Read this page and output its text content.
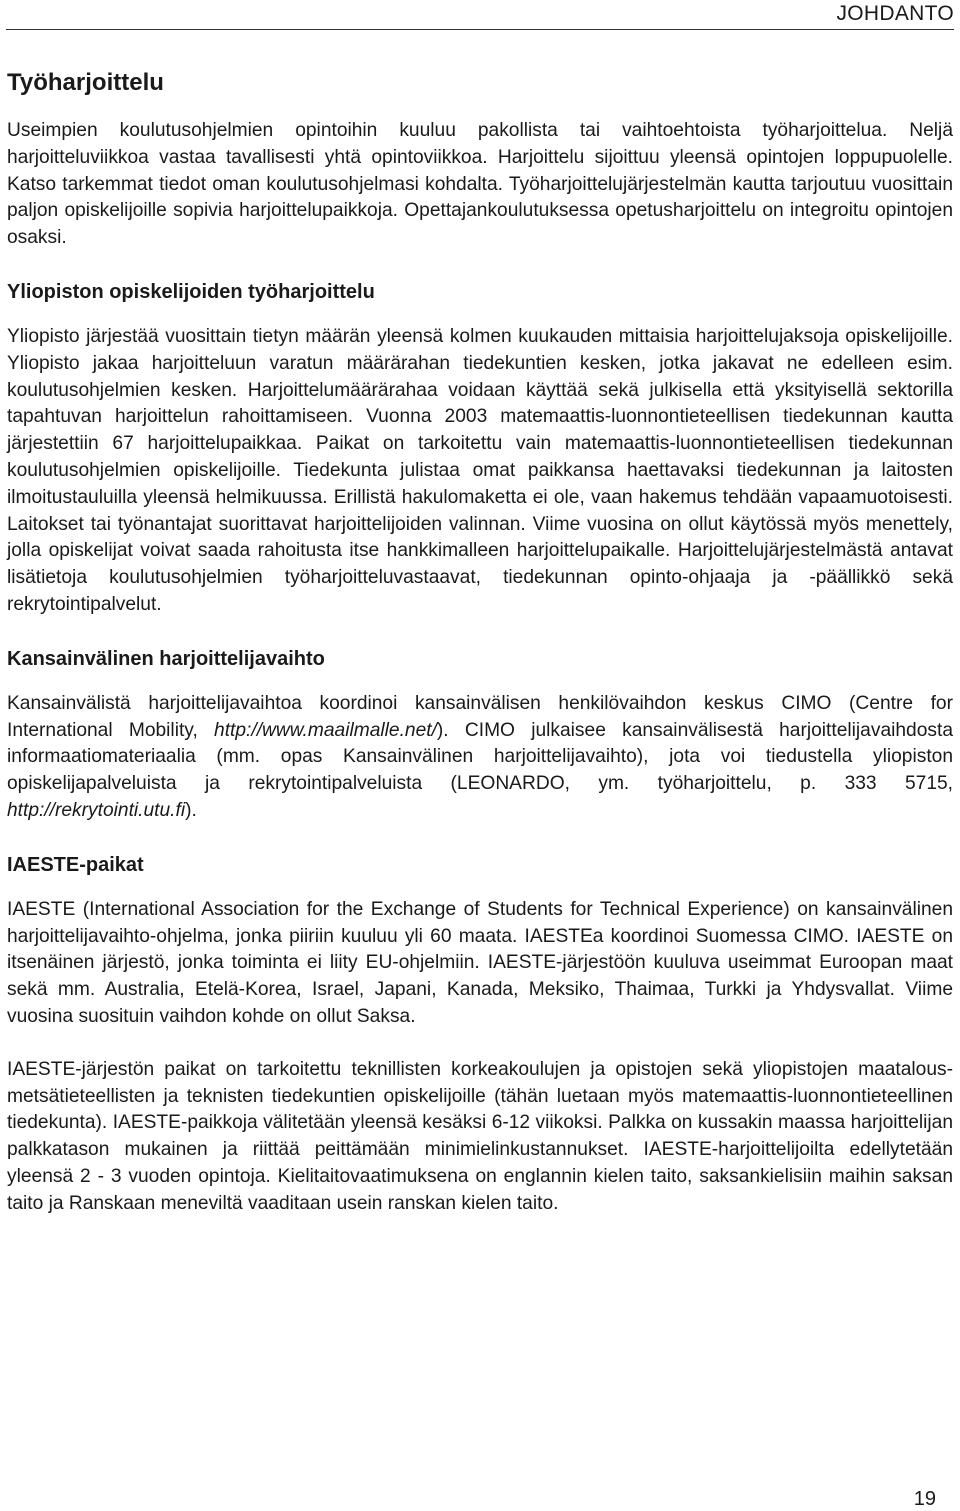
JOHDANTO
Työharjoittelu

Useimpien koulutusohjelmien opintoihin kuuluu pakollista tai vaihtoehtoista työharjoittelua. Neljä harjoitteluviikkoa vastaa tavallisesti yhtä opintoviikkoa. Harjoittelu sijoittuu yleensä opintojen loppupuolelle. Katso tarkemmat tiedot oman koulutusohjelmasi kohdalta. Työharjoittelujärjestelmän kautta tarjoutuu vuosittain paljon opiskelijoille sopivia harjoittelupaikkoja. Opettajankoulutuksessa opetusharjoittelu on integroitu opintojen osaksi.

Yliopiston opiskelijoiden työharjoittelu

Yliopisto järjestää vuosittain tietyn määrän yleensä kolmen kuukauden mittaisia harjoittelujaksoja opiskelijoille. Yliopisto jakaa harjoitteluun varatun määrärahan tiedekuntien kesken, jotka jakavat ne edelleen esim. koulutusohjelmien kesken. Harjoittelumäärärahaa voidaan käyttää sekä julkisella että yksityisellä sektorilla tapahtuvan harjoittelun rahoittamiseen. Vuonna 2003 matemaattis-luonnontieteellisen tiedekunnan kautta järjestettiin 67 harjoittelupaikkaa. Paikat on tarkoitettu vain matemaattis-luonnontieteellisen tiedekunnan koulutusohjelmien opiskelijoille. Tiedekunta julistaa omat paikkansa haettavaksi tiedekunnan ja laitosten ilmoitustauluilla yleensä helmikuussa. Erillistä hakulomaketta ei ole, vaan hakemus tehdään vapaamuotoisesti. Laitokset tai työnantajat suorittavat harjoittelijoiden valinnan. Viime vuosina on ollut käytössä myös menettely, jolla opiskelijat voivat saada rahoitusta itse hankkimalleen harjoittelupaikalle. Harjoittelujärjestelmästä antavat lisätietoja koulutusohjelmien työharjoitteluvastaavat, tiedekunnan opinto-ohjaaja ja -päällikkö sekä rekrytointipalvelut.

Kansainvälinen harjoittelijavaihto

Kansainvälistä harjoittelijavaihtoa koordinoi kansainvälisen henkilövaihdon keskus CIMO (Centre for International Mobility, http://www.maailmalle.net/). CIMO julkaisee kansainvälisestä harjoittelijavaihdosta informaatiomateriaalia (mm. opas Kansainvälinen harjoittelijavaihto), jota voi tiedustella yliopiston opiskelijapalveluista ja rekrytointipalveluista (LEONARDO, ym. työharjoittelu, p. 333 5715, http://rekrytointi.utu.fi).

IAESTE-paikat

IAESTE (International Association for the Exchange of Students for Technical Experience) on kansainvälinen harjoittelijavaihto-ohjelma, jonka piiriin kuuluu yli 60 maata. IAESTEa koordinoi Suomessa CIMO. IAESTE on itsenäinen järjestö, jonka toiminta ei liity EU-ohjelmiin. IAESTE-järjestöön kuuluva useimmat Euroopan maat sekä mm. Australia, Etelä-Korea, Israel, Japani, Kanada, Meksiko, Thaimaa, Turkki ja Yhdysvallat. Viime vuosina suosituin vaihdon kohde on ollut Saksa.

IAESTE-järjestön paikat on tarkoitettu teknillisten korkeakoulujen ja opistojen sekä yliopistojen maatalous-metsätieteellisten ja teknisten tiedekuntien opiskelijoille (tähän luetaan myös matemaattis-luonnontieteellinen tiedekunta). IAESTE-paikkoja välitetään yleensä kesäksi 6-12 viikoksi. Palkka on kussakin maassa harjoittelijan palkkatason mukainen ja riittää peittämään minimielinkustannukset. IAESTE-harjoittelijoilta edellytetään yleensä 2 - 3 vuoden opintoja. Kielitaitovaatimuksena on englannin kielen taito, saksankielisiin maihin saksan taito ja Ranskaan meneviltä vaaditaan usein ranskan kielen taito.

19
